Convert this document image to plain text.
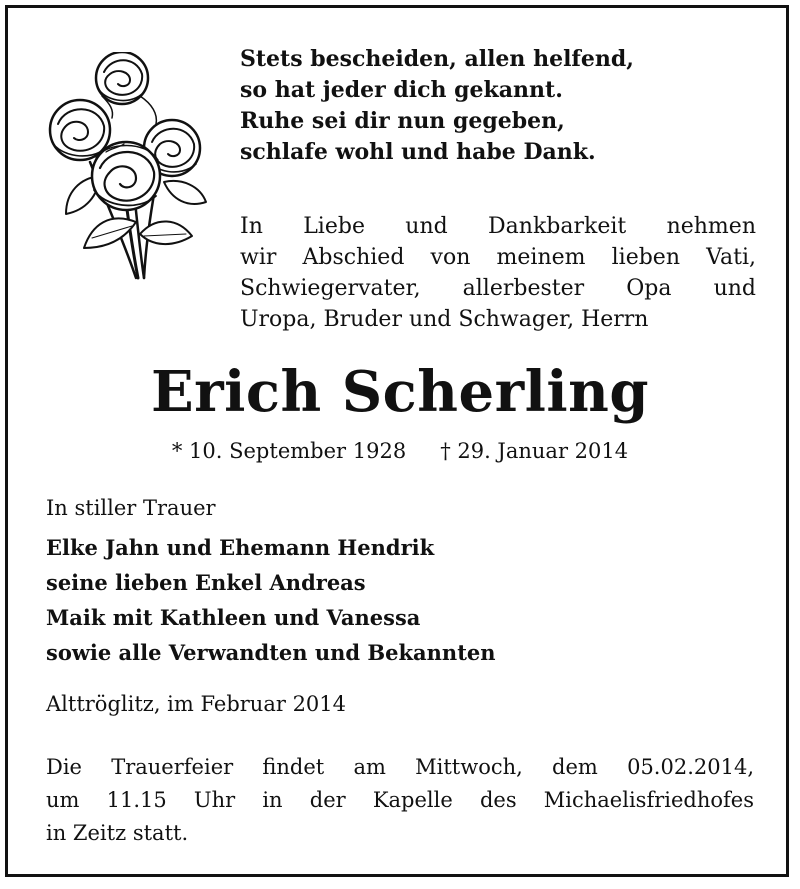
Stets bescheiden, allen helfend,
so hat jeder dich gekannt.
Ruhe sei dir nun gegeben,
schlafe wohl und habe Dank.
In Liebe und Dankbarkeit nehmen
wir Abschied von meinem lieben Vati,
Schwiegervater, allerbester Opa und
Uropa, Bruder und Schwager, Herrn
Erich Scherling
* 10. September 1928 † 29. Januar 2014
In stiller Trauer
Elke Jahn und Ehemann Hendrik
seine lieben Enkel Andreas
Maik mit Kathleen und Vanessa
sowie alle Verwandten und Bekannten
Alttröglitz, im Februar 2014
Die Trauerfeier findet am Mittwoch, dem 05.02.2014,
um 11.15 Uhr in der Kapelle des Michaelisfriedhofes
in Zeitz statt.
